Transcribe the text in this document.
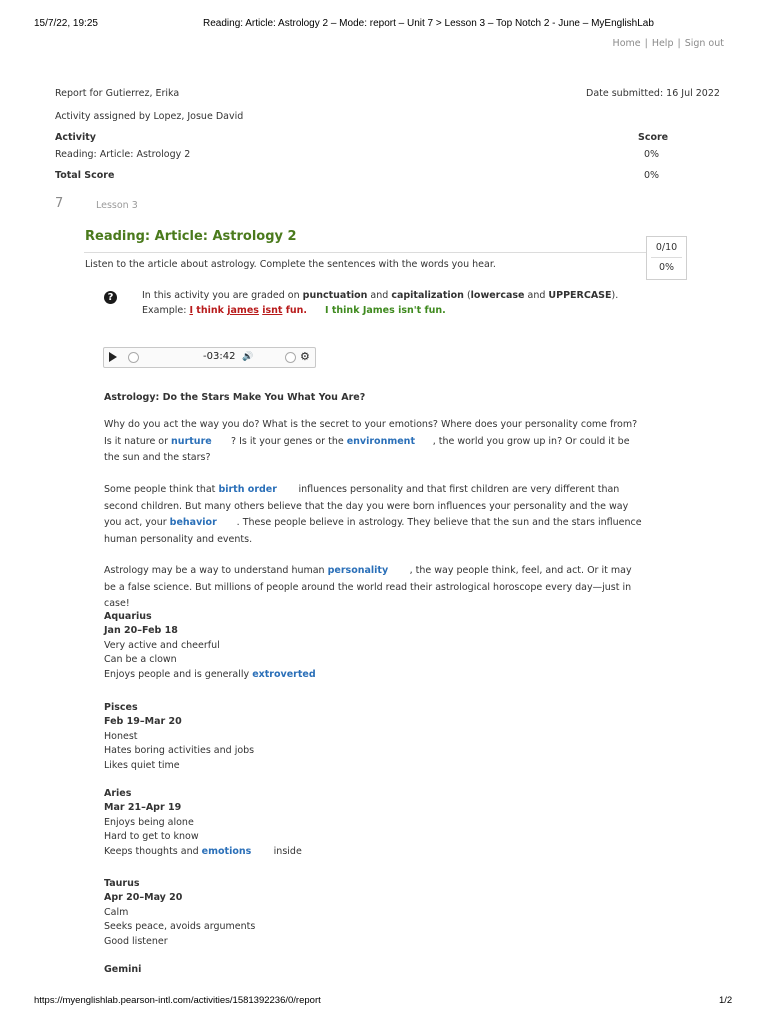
15/7/22, 19:25	Reading: Article: Astrology 2 – Mode: report – Unit 7 > Lesson 3 – Top Notch 2 - June – MyEnglishLab
Home | Help | Sign out
Report for Gutierrez, Erika	Date submitted: 16 Jul 2022
Activity assigned by Lopez, Josue David
Activity	Score
Reading: Article: Astrology 2	0%
Total Score	0%
7	Lesson 3
Reading: Article: Astrology 2
0/10
0%
Listen to the article about astrology. Complete the sentences with the words you hear.
?	In this activity you are graded on punctuation and capitalization (lowercase and UPPERCASE).
Example: I think james isnt fun. I think James isn't fun.
-03:42 🔊	⚙
Astrology: Do the Stars Make You What You Are?
Why do you act the way you do? What is the secret to your emotions? Where does your personality come from? Is it nature or nurture ? Is it your genes or the environment , the world you grow up in? Or could it be the sun and the stars?
Some people think that birth order influences personality and that first children are very different than second children. But many others believe that the day you were born influences your personality and the way you act, your behavior . These people believe in astrology. They believe that the sun and the stars influence human personality and events.
Astrology may be a way to understand human personality , the way people think, feel, and act. Or it may be a false science. But millions of people around the world read their astrological horoscope every day—just in case!
Aquarius
Jan 20–Feb 18
Very active and cheerful
Can be a clown
Enjoys people and is generally extroverted
Pisces
Feb 19–Mar 20
Honest
Hates boring activities and jobs
Likes quiet time
Aries
Mar 21–Apr 19
Enjoys being alone
Hard to get to know
Keeps thoughts and emotions inside
Taurus
Apr 20–May 20
Calm
Seeks peace, avoids arguments
Good listener
Gemini
https://myenglishlab.pearson-intl.com/activities/1581392236/0/report	1/2
